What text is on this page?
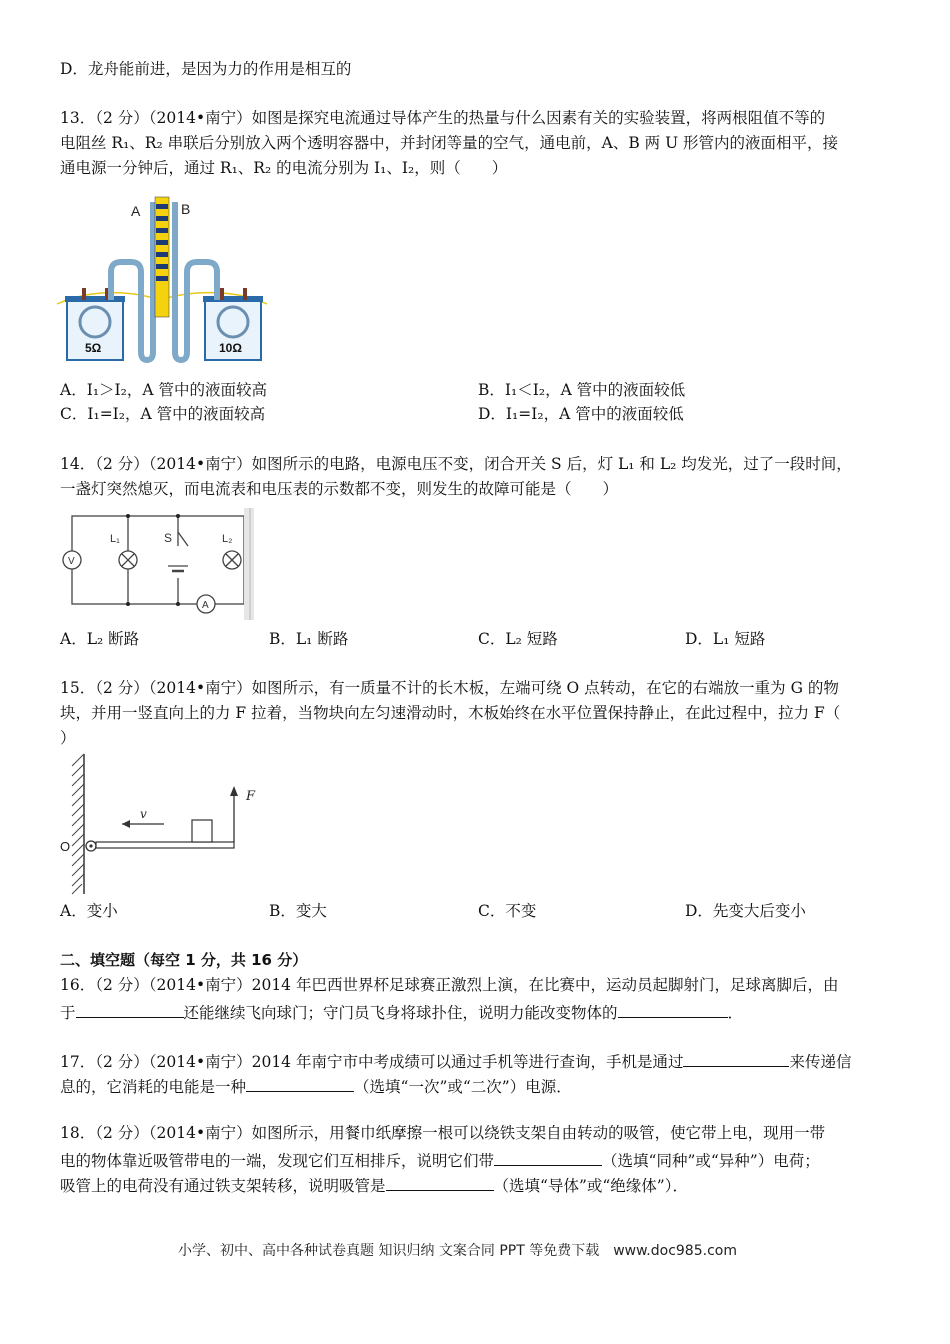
D．龙舟能前进，是因为力的作用是相互的
13．（2 分）（2014•南宁）如图是探究电流通过导体产生的热量与什么因素有关的实验装置，将两根阻值不等的
电阻丝 R₁、R₂ 串联后分别放入两个透明容器中，并封闭等量的空气，通电前，A、B 两 U 形管内的液面相平，接
通电源一分钟后，通过 R₁、R₂ 的电流分别为 I₁、I₂，则（　　）
A	B
5Ω	10Ω
A．I₁＞I₂，A 管中的液面较高	B．I₁＜I₂，A 管中的液面较低
C．I₁=I₂，A 管中的液面较高	D．I₁=I₂，A 管中的液面较低
14．（2 分）（2014•南宁）如图所示的电路，电源电压不变，闭合开关 S 后，灯 L₁ 和 L₂ 均发光，过了一段时间，
一盏灯突然熄灭，而电流表和电压表的示数都不变，则发生的故障可能是（　　）
V
L₁	S	L₂
A
A．L₂ 断路	B．L₁ 断路	C．L₂ 短路	D．L₁ 短路
15．（2 分）（2014•南宁）如图所示，有一质量不计的长木板，左端可绕 O 点转动，在它的右端放一重为 G 的物
块，并用一竖直向上的力 F 拉着，当物块向左匀速滑动时，木板始终在水平位置保持静止，在此过程中，拉力 F（
）
O
v
F
A．变小	B．变大	C．不变	D．先变大后变小
二、填空题（每空 1 分，共 16 分）
16．（2 分）（2014•南宁）2014 年巴西世界杯足球赛正激烈上演，在比赛中，运动员起脚射门，足球离脚后，由
于	还能继续飞向球门；守门员飞身将球扑住，说明力能改变物体的	．
17．（2 分）（2014•南宁）2014 年南宁市中考成绩可以通过手机等进行查询，手机是通过	来传递信
息的，它消耗的电能是一种	（选填“一次”或“二次”）电源．
18．（2 分）（2014•南宁）如图所示，用餐巾纸摩擦一根可以绕铁支架自由转动的吸管，使它带上电，现用一带
电的物体靠近吸管带电的一端，发现它们互相排斥，说明它们带	（选填“同种”或“异种”）电荷；
吸管上的电荷没有通过铁支架转移，说明吸管是	（选填“导体”或“绝缘体”）．
小学、初中、高中各种试卷真题 知识归纳 文案合同 PPT 等免费下载　www.doc985.com
